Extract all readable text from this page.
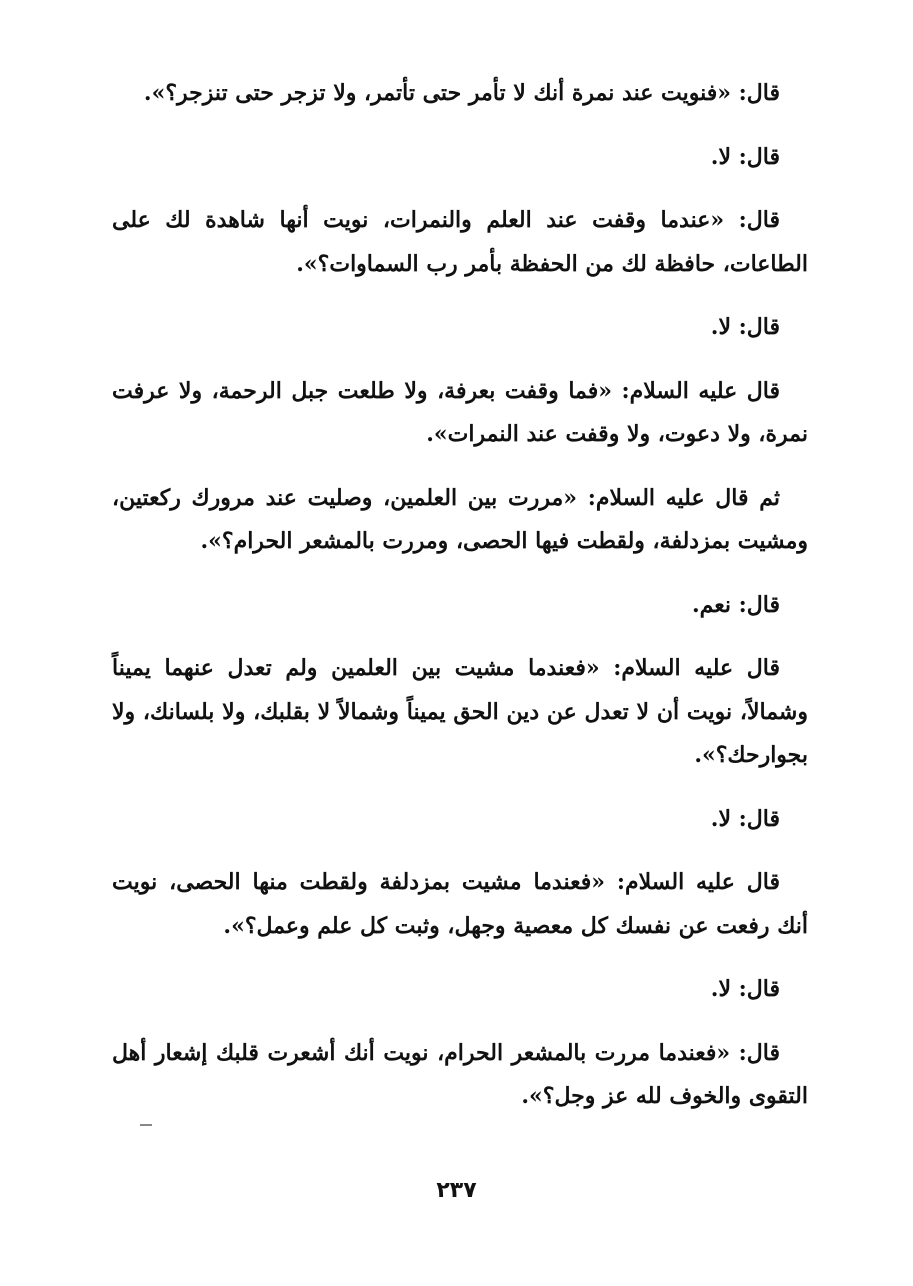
قال: «فنويت عند نمرة أنك لا تأمر حتى تأتمر، ولا تزجر حتى تنزجر؟».

قال: لا.

قال: «عندما وقفت عند العلم والنمرات، نويت أنها شاهدة لك على الطاعات، حافظة لك من الحفظة بأمر رب السماوات؟».

قال: لا.

قال عليه السلام: «فما وقفت بعرفة، ولا طلعت جبل الرحمة، ولا عرفت نمرة، ولا دعوت، ولا وقفت عند النمرات».

ثم قال عليه السلام: «مررت بين العلمين، وصليت عند مرورك ركعتين، ومشيت بمزدلفة، ولقطت فيها الحصى، ومررت بالمشعر الحرام؟».

قال: نعم.

قال عليه السلام: «فعندما مشيت بين العلمين ولم تعدل عنهما يميناً وشمالاً، نويت أن لا تعدل عن دين الحق يميناً وشمالاً لا بقلبك، ولا بلسانك، ولا بجوارحك؟».

قال: لا.

قال عليه السلام: «فعندما مشيت بمزدلفة ولقطت منها الحصى، نويت أنك رفعت عن نفسك كل معصية وجهل، وثبت كل علم وعمل؟».

قال: لا.

قال: «فعندما مررت بالمشعر الحرام، نويت أنك أشعرت قلبك إشعار أهل التقوى والخوف لله عز وجل؟».

٢٣٧
